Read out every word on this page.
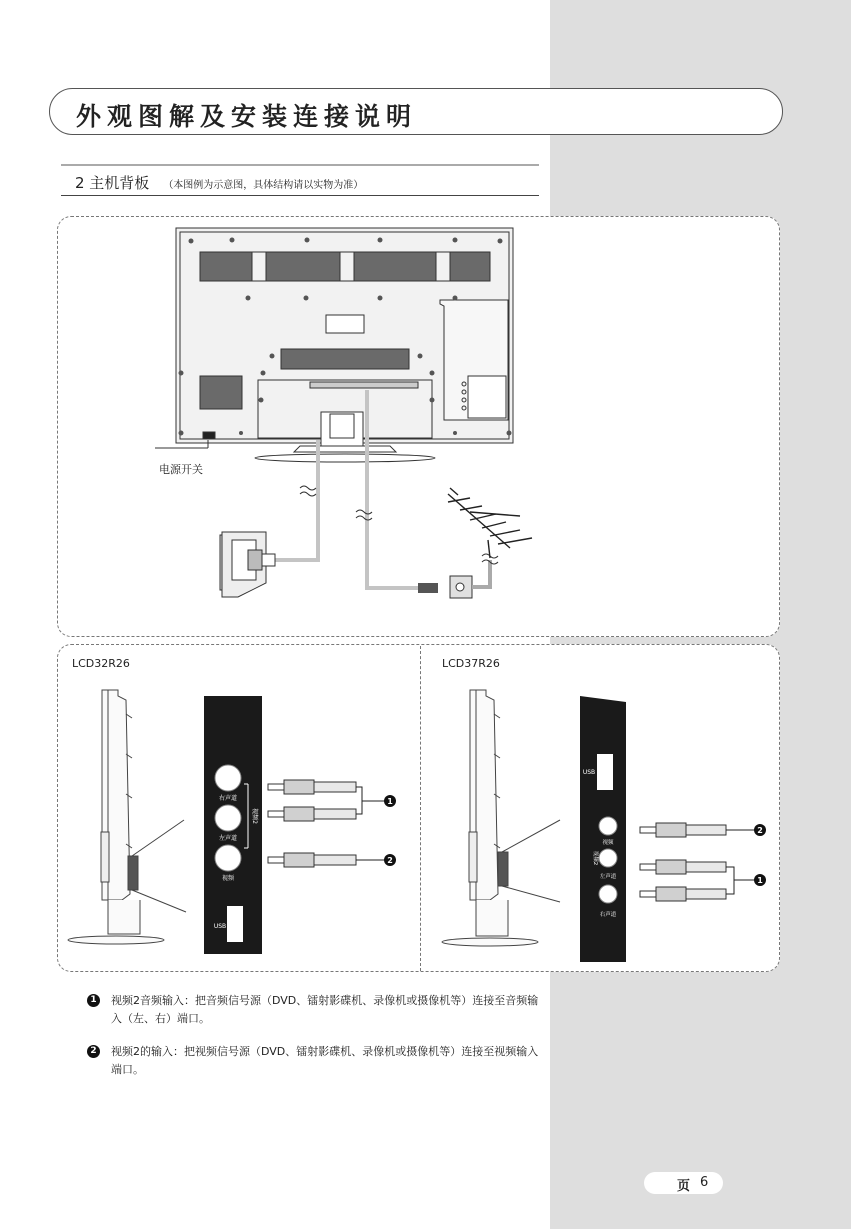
外观图解及安装连接说明
2 主机背板 （本图例为示意图，具体结构请以实物为准）
电源开关
LCD32R26	LCD37R26
右声道
左声道
视频
视频2
USB
1
2
USB
视频
左声道
右声道
视频2
2
1
1	视频2音频输入：把音频信号源（DVD、镭射影碟机、录像机或摄像机等）连接至音频输入（左、右）端口。
2	视频2的输入：把视频信号源（DVD、镭射影碟机、录像机或摄像机等）连接至视频输入端口。
页 6
